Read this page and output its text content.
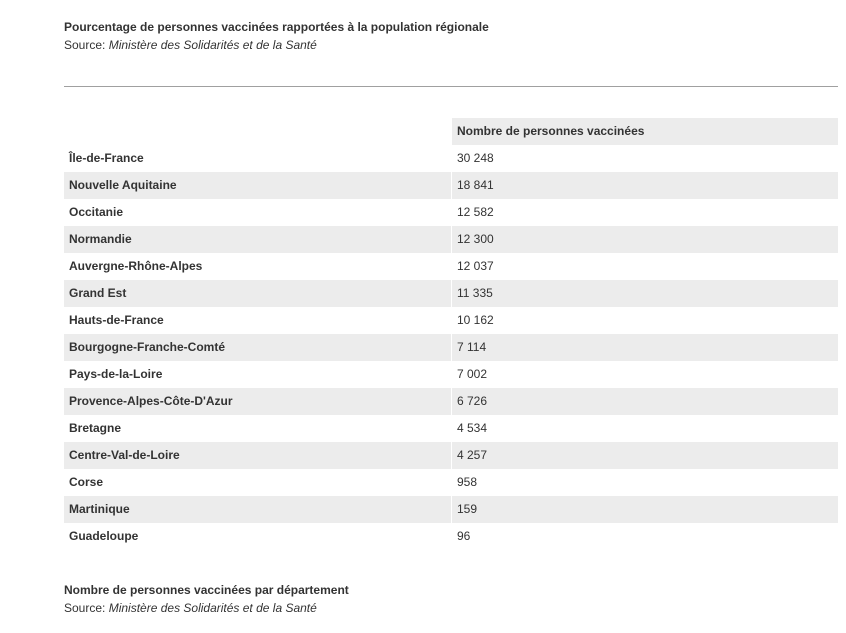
Pourcentage de personnes vaccinées rapportées à la population régionale
Source: Ministère des Solidarités et de la Santé
		Nombre de personnes vaccinées
Île-de-France		30 248
Nouvelle Aquitaine		18 841
Occitanie		12 582
Normandie		12 300
Auvergne-Rhône-Alpes		12 037
Grand Est		11 335
Hauts-de-France		10 162
Bourgogne-Franche-Comté		7 114
Pays-de-la-Loire		7 002
Provence-Alpes-Côte-D'Azur		6 726
Bretagne		4 534
Centre-Val-de-Loire		4 257
Corse		958
Martinique		159
Guadeloupe		96
Nombre de personnes vaccinées par département
Source: Ministère des Solidarités et de la Santé
